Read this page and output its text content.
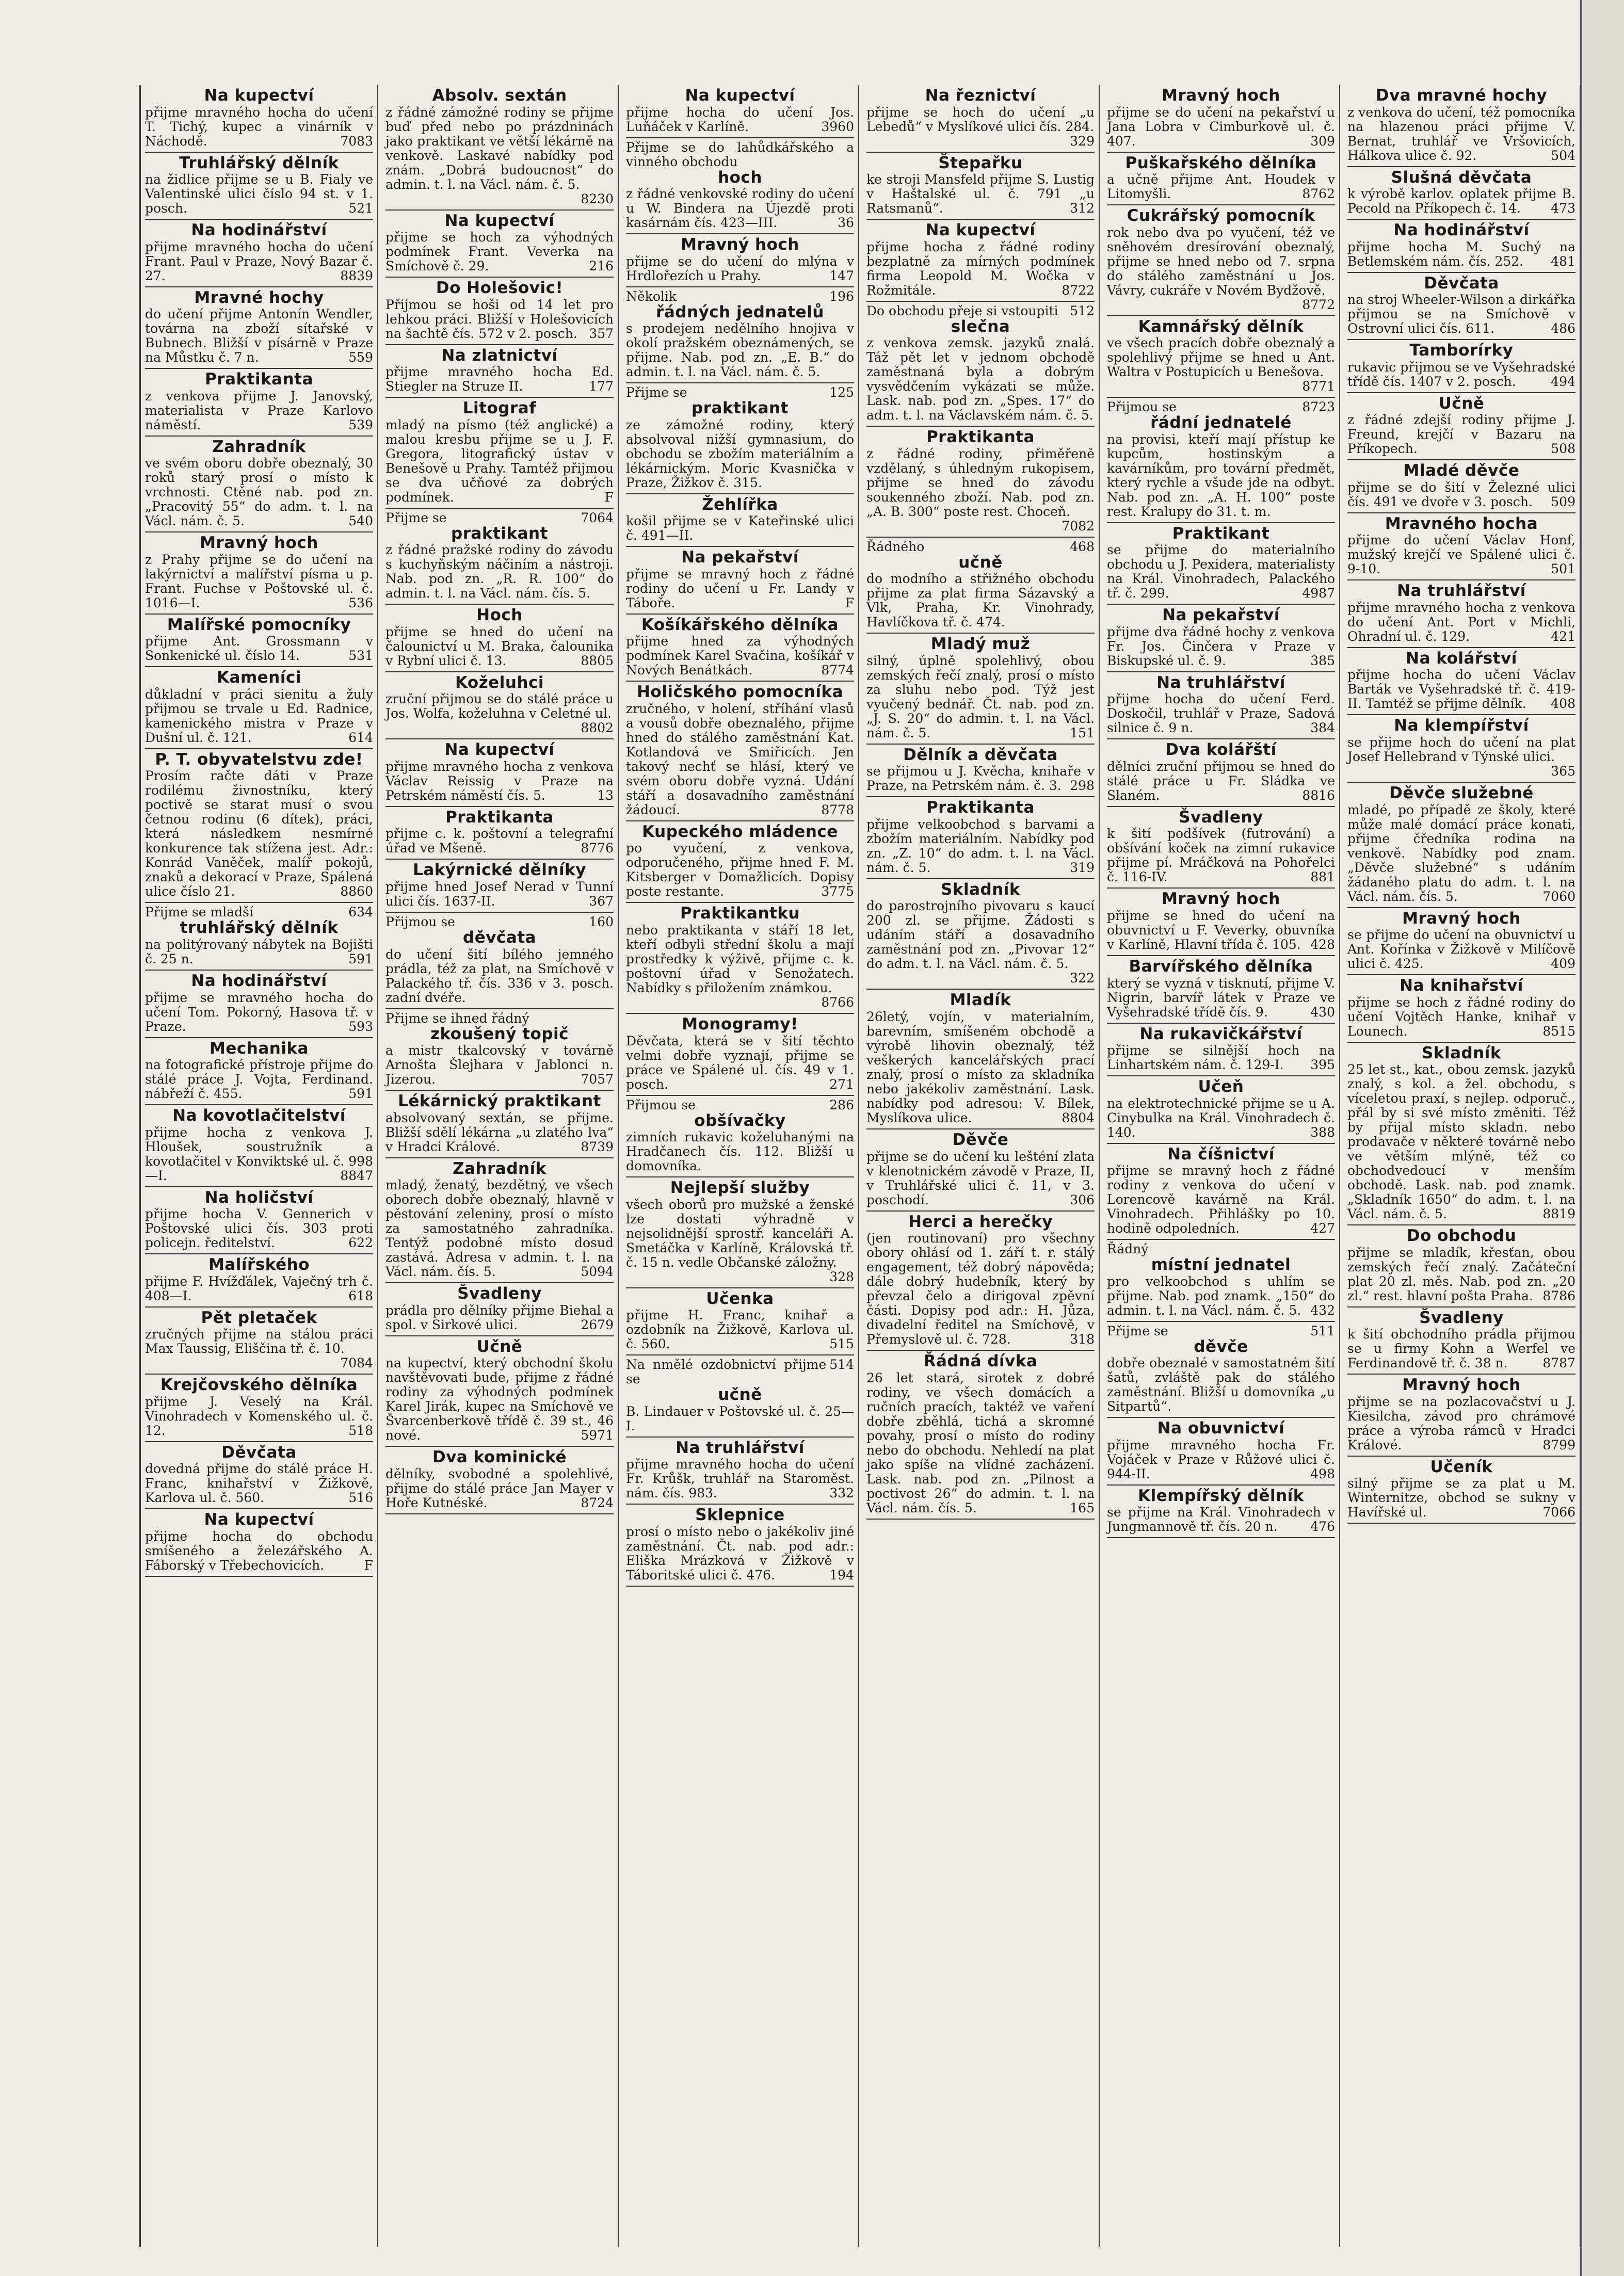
Na kupectví
přijme mravného hocha do učení T. Tichý, kupec a vinárník v Náchodě.	7083
Truhlářský dělník
na židlice přijme se u B. Fialy ve Valentinské ulici číslo 94 st. v 1. posch.	521
Na hodinářství
přijme mravného hocha do učení Frant. Paul v Praze, Nový Bazar č. 27.	8839
Mravné hochy
do učení přijme Antonín Wendler, továrna na zboží sítařské v Bubnech. Bližší v písárně v Praze na Můstku č. 7 n.	559
Praktikanta
z venkova přijme J. Janovský, materialista v Praze Karlovo náměstí.	539
Zahradník
ve svém oboru dobře obeznalý, 30 roků starý prosí o místo k vrchnosti. Ctěné nab. pod zn. „Pracovitý 55“ do adm. t. l. na Václ. nám. č. 5.	540
Mravný hoch
z Prahy přijme se do učení na lakýrnictví a malířství písma u p. Frant. Fuchse v Poštovské ul. č. 1016—I.	536
Malířské pomocníky
přijme Ant. Grossmann v Sonkenické ul. číslo 14.	531
Kameníci
důkladní v práci sienitu a žuly přijmou se trvale u Ed. Radnice, kamenického mistra v Praze v Dušní ul. č. 121.	614
P. T. obyvatelstvu zde!
Prosím račte dáti v Praze rodilému živnostníku, který poctivě se starat musí o svou četnou rodinu (6 dítek), práci, která následkem nesmírné konkurence tak stížena jest. Adr.: Konrád Vaněček, malíř pokojů, znaků a dekorací v Praze, Spálená ulice číslo 21.	8860
634
Přijme se mladší
truhlářský dělník
na politýrovaný nábytek na Bojišti č. 25 n.	591
Na hodinářství
přijme se mravného hocha do učení Tom. Pokorný, Hasova tř. v Praze.	593
Mechanika
na fotografické přístroje přijme do stálé práce J. Vojta, Ferdinand. nábřeží č. 455.	591
Na kovotlačitelství
přijme hocha z venkova J. Hloušek, soustružník a kovotlačitel v Konviktské ul. č. 998—I.	8847
Na holičství
přijme hocha V. Gennerich v Poštovské ulici čís. 303 proti policejn. ředitelství.	622
Malířského
přijme F. Hvížďálek, Vaječný trh č. 408—I.	618
Pět pletaček
zručných přijme na stálou práci Max Taussig, Eliščina tř. č. 10.
7084
Krejčovského dělníka
přijme J. Veselý na Král. Vinohradech v Komenského ul. č. 12.	518
Děvčata
dovedná přijme do stálé práce H. Franc, knihařství v Žižkově, Karlova ul. č. 560.	516
Na kupectví
přijme hocha do obchodu smíšeného a železářského A. Fáborský v Třebechovicích.	F
Absolv. sextán
z řádné zámožné rodiny se přijme buď před nebo po prázdninách jako praktikant ve větší lékárně na venkově. Laskavé nabídky pod znám. „Dobrá budoucnost“ do admin. t. l. na Václ. nám. č. 5.
8230
Na kupectví
přijme se hoch za výhodných podmínek Frant. Veverka na Smíchově č. 29.	216
Do Holešovic!
Přijmou se hoši od 14 let pro lehkou práci. Bližší v Holešovicích na šachtě čís. 572 v 2. posch. 357
Na zlatnictví
přijme mravného hocha Ed. Stiegler na Struze II.	177
Litograf
mladý na písmo (též anglické) a malou kresbu přijme se u J. F. Gregora, litografický ústav v Benešově u Prahy. Tamtéž přijmou se dva učňové za dobrých podmínek.	F
7064
Přijme se
praktikant
z řádné pražské rodiny do závodu s kuchyňským náčiním a nástroji. Nab. pod zn. „R. R. 100“ do admin. t. l. na Václ. nám. čís. 5.
Hoch
přijme se hned do učení na čalounictví u M. Braka, čalounika v Rybní ulici č. 13.	8805
Koželuhci
zruční přijmou se do stálé práce u Jos. Wolfa, koželuhna v Celetné ul.
8802
Na kupectví
přijme mravného hocha z venkova Václav Reissig v Praze na Petrském náměstí čís. 5.	13
Praktikanta
přijme c. k. poštovní a telegrafní úřad ve Mšeně.	8776
Lakýrnické dělníky
přijme hned Josef Nerad v Tunní ulici čís. 1637-II.	367
160
Přijmou se
děvčata
do učení šití bílého jemného prádla, též za plat, na Smíchově v Palackého tř. čís. 336 v 3. posch. zadní dvéře.
Přijme se ihned řádný
zkoušený topič
a mistr tkalcovský v továrně Arnošta Šlejhara v Jablonci n. Jizerou.	7057
Lékárnický praktikant
absolvovaný sextán, se přijme. Bližší sdělí lékárna „u zlatého lva“ v Hradci Králové.	8739
Zahradník
mladý, ženatý, bezdětný, ve všech oborech dobře obeznalý, hlavně v pěstování zeleniny, prosí o místo za samostatného zahradníka. Tentýž podobné místo dosud zastává. Adresa v admin. t. l. na Václ. nám. čís. 5.	5094
Švadleny
prádla pro dělníky přijme Biehal a spol. v Sirkové ulici.	2679
Učně
na kupectví, který obchodní školu navštěvovati bude, přijme z řádné rodiny za výhodných podmínek Karel Jirák, kupec na Smíchově ve Švarcenberkově třídě č. 39 st., 46 nové.	5971
Dva kominické
dělníky, svobodné a spolehlivé, přijme do stálé práce Jan Mayer v Hoře Kutnéské.	8724
Na kupectví
přijme hocha do učení Jos. Luňáček v Karlíně.	3960
Přijme se do lahůdkářského a vinného obchodu
hoch
z řádné venkovské rodiny do učení u W. Bindera na Újezdě proti kasárnám čís. 423—III.	36
Mravný hoch
přijme se do učení do mlýna v Hrdlořezích u Prahy.	147
196
Několik
řádných jednatelů
s prodejem nedělního hnojiva v okolí pražském obeznámených, se přijme. Nab. pod zn. „E. B.“ do admin. t. l. na Václ. nám. č. 5.
125
Přijme se
praktikant
ze zámožné rodiny, který absolvoval nižší gymnasium, do obchodu se zbožím materiálním a lékárnickým. Moric Kvasnička v Praze, Žižkov č. 315.
Žehlířka
košil přijme se v Kateřinské ulici č. 491—II.
Na pekařství
přijme se mravný hoch z řádné rodiny do učení u Fr. Landy v Táboře.	F
Košíkářského dělníka
přijme hned za výhodných podmínek Karel Svačina, košíkář v Nových Benátkách.	8774
Holičského pomocníka
zručného, v holení, stříhání vlasů a vousů dobře obeznalého, přijme hned do stálého zaměstnání Kat. Kotlandová ve Smiřicích. Jen takový nechť se hlásí, který ve svém oboru dobře vyzná. Udání stáří a dosavadního zaměstnání žádoucí.	8778
Kupeckého mládence
po vyučení, z venkova, odporučeného, přijme hned F. M. Kitsberger v Domažlicích. Dopisy poste restante.	3775
Praktikantku
nebo praktikanta v stáří 18 let, kteří odbyli střední školu a mají prostředky k výživě, přijme c. k. poštovní úřad v Senožatech. Nabídky s přiložením známkou.
8766
Monogramy!
Děvčata, která se v šití těchto velmi dobře vyznají, přijme se práce ve Spálené ul. čís. 49 v 1. posch.	271
286
Přijmou se
obšívačky
zimních rukavic koželuhanými na Hradčanech čís. 112. Bližší u domovníka.
Nejlepší služby
všech oborů pro mužské a ženské lze dostati výhradně v nejsolidnější sprostř. kanceláři A. Smetáčka v Karlíně, Královská tř. č. 15 n. vedle Občanské záložny.
328
Učenka
přijme H. Franc, knihař a ozdobník na Žižkově, Karlova ul. č. 560.	515
514
Na nmělé ozdobnictví přijme se
učně
B. Lindauer v Poštovské ul. č. 25—I.
Na truhlářství
přijme mravného hocha do učení Fr. Krůšk, truhlář na Staroměst. nám. čís. 983.	332
Sklepnice
prosí o místo nebo o jakékoliv jiné zaměstnání. Čt. nab. pod adr.: Eliška Mrázková v Žižkově v Táboritské ulici č. 476.	194
Na řeznictví
přijme se hoch do učení „u Lebedů“ v Myslíkové ulici čís. 284.
329
Štepařku
ke stroji Mansfeld přijme S. Lustig v Haštalské ul. č. 791 „u Ratsmanů“.	312
Na kupectví
přijme hocha z řádné rodiny bezplatně za mírných podmínek firma Leopold M. Wočka v Rožmitále.	8722
512
Do obchodu přeje si vstoupiti
slečna
z venkova zemsk. jazyků znalá. Táž pět let v jednom obchodě zaměstnaná byla a dobrým vysvědčením vykázati se může. Lask. nab. pod zn. „Spes. 17“ do adm. t. l. na Václavském nám. č. 5.
Praktikanta
z řádné rodiny, přiměřeně vzdělaný, s úhledným rukopisem, přijme se hned do závodu soukenného zboží. Nab. pod zn. „A. B. 300“ poste rest. Choceň.
7082
468
Řádného
učně
do modního a střižného obchodu přijme za plat firma Sázavský a Vlk, Praha, Kr. Vinohrady, Havlíčkova tř. č. 474.
Mladý muž
silný, úplně spolehlivý, obou zemských řečí znalý, prosí o místo za sluhu nebo pod. Týž jest vyučený bednář. Čt. nab. pod zn. „J. S. 20“ do admin. t. l. na Václ. nám. č. 5.	151
Dělník a děvčata
se přijmou u J. Kvěcha, knihaře v Praze, na Petrském nám. č. 3. 298
Praktikanta
přijme velkoobchod s barvami a zbožím materiálním. Nabídky pod zn. „Z. 10“ do adm. t. l. na Václ. nám. č. 5.	319
Skladník
do parostrojního pivovaru s kaucí 200 zl. se přijme. Žádosti s udáním stáří a dosavadního zaměstnání pod zn. „Pivovar 12“ do adm. t. l. na Václ. nám. č. 5.
322
Mladík
26letý, vojín, v materialním, barevním, smíšeném obchodě a výrobě lihovin obeznalý, též veškerých kancelářských prací znalý, prosí o místo za skladníka nebo jakékoliv zaměstnání. Lask. nabídky pod adresou: V. Bílek, Myslíkova ulice.	8804
Děvče
přijme se do učení ku lešténí zlata v klenotnickém závodě v Praze, II, v Truhlářské ulici č. 11, v 3. poschodí.	306
Herci a herečky
(jen routinovaní) pro všechny obory ohlásí od 1. září t. r. stálý engagement, též dobrý nápověda; dále dobrý hudebník, který by převzal čelo a dirigoval zpěvní části. Dopisy pod adr.: H. Jůza, divadelní ředitel na Smíchově, v Přemyslově ul. č. 728.	318
Řádná dívka
26 let stará, sirotek z dobré rodiny, ve všech domácích a ručních pracích, taktéž ve vaření dobře zběhlá, tichá a skromné povahy, prosí o místo do rodiny nebo do obchodu. Nehledí na plat jako spíše na vlídné zacházení. Lask. nab. pod zn. „Pilnost a poctivost 26“ do admin. t. l. na Václ. nám. čís. 5.	165
Mravný hoch
přijme se do učení na pekařství u Jana Lobra v Cimburkově ul. č. 407.	309
Puškařského dělníka
a učně přijme Ant. Houdek v Litomyšli.	8762
Cukrářský pomocník
rok nebo dva po vyučení, též ve sněhovém dresírování obeznalý, přijme se hned nebo od 7. srpna do stálého zaměstnání u Jos. Vávry, cukráře v Novém Bydžově.
8772
Kamnářský dělník
ve všech pracích dobře obeznalý a spolehlivý přijme se hned u Ant. Waltra v Postupicích u Benešova.
8771
8723
Přijmou se
řádní jednatelé
na provisi, kteří mají přístup ke kupcům, hostinským a kavárníkům, pro tovární předmět, který rychle a všude jde na odbyt. Nab. pod zn. „A. H. 100“ poste rest. Kralupy do 31. t. m.
Praktikant
se přijme do materialního obchodu u J. Pexidera, materialisty na Král. Vinohradech, Palackého tř. č. 299.	4987
Na pekařství
přijme dva řádné hochy z venkova Fr. Jos. Činčera v Praze v Biskupské ul. č. 9.	385
Na truhlářství
přijme hocha do učení Ferd. Doskočil, truhlář v Praze, Sadová silnice č. 9 n.	384
Dva kolářští
dělníci zruční přijmou se hned do stálé práce u Fr. Sládka ve Slaném.	8816
Švadleny
k šití podšívek (futrování) a obšívání koček na zimní rukavice přijme pí. Mráčková na Pohořelci č. 116-IV.	881
Mravný hoch
přijme se hned do učení na obuvnictví u F. Veverky, obuvníka v Karlíně, Hlavní třída č. 105. 428
Barvířského dělníka
který se vyzná v tisknutí, přijme V. Nigrin, barvíř látek v Praze ve Vyšehradské třídě čís. 9.	430
Na rukavičkářství
přijme se silnější hoch na Linhartském nám. č. 129-I. 395
Učeň
na elektrotechnické přijme se u A. Cinybulka na Král. Vinohradech č. 140.	388
Na číšnictví
přijme se mravný hoch z řádné rodiny z venkova do učení v Lorencově kavárně na Král. Vinohradech. Přihlášky po 10. hodině odpoledních.	427
Řádný
místní jednatel
pro velkoobchod s uhlím se přijme. Nab. pod znamk. „150“ do admin. t. l. na Václ. nám. č. 5. 432
511
Přijme se
děvče
dobře obeznalé v samostatném šití šatů, zvláště pak do stálého zaměstnání. Bližší u domovníka „u Sitpartů“.
Na obuvnictví
přijme mravného hocha Fr. Vojáček v Praze v Růžové ulici č. 944-II.	498
Klempířský dělník
se přijme na Král. Vinohradech v Jungmannově tř. čís. 20 n.	476
Dva mravné hochy
z venkova do učení, též pomocníka na hlazenou práci přijme V. Bernat, truhlář ve Vršovicích, Hálkova ulice č. 92.	504
Slušná děvčata
k výrobě karlov. oplatek přijme B. Pecold na Příkopech č. 14. 473
Na hodinářství
přijme hocha M. Suchý na Betlemském nám. čís. 252. 481
Děvčata
na stroj Wheeler-Wilson a dirkářka přijmou se na Smíchově v Ostrovní ulici čís. 611.	486
Tamborírky
rukavic přijmou se ve Vyšehradské třídě čís. 1407 v 2. posch.	494
Učně
z řádné zdejší rodiny přijme J. Freund, krejčí v Bazaru na Příkopech.	508
Mladé děvče
přijme se do šití v Železné ulici čís. 491 ve dvoře v 3. posch. 509
Mravného hocha
přijme do učení Václav Honf, mužský krejčí ve Spálené ulici č. 9-10.	501
Na truhlářství
přijme mravného hocha z venkova do učení Ant. Port v Michli, Ohradní ul. č. 129.	421
Na kolářství
přijme hocha do učení Václav Barták ve Vyšehradské tř. č. 419-II. Tamtéž se přijme dělník. 408
Na klempířství
se přijme hoch do učení na plat Josef Hellebrand v Týnské ulici.
365
Děvče služebné
mladé, po případě ze školy, které může malé domácí práce konati, přijme čředníka rodina na venkově. Nabídky pod znam. „Děvče služebné“ s udáním žádaného platu do adm. t. l. na Václ. nám. čís. 5.	7060
Mravný hoch
se přijme do učení na obuvnictví u Ant. Kořínka v Žižkově v Milíčově ulici č. 425.	409
Na knihařství
přijme se hoch z řádné rodiny do učení Vojtěch Hanke, knihař v Lounech.	8515
Skladník
25 let st., kat., obou zemsk. jazyků znalý, s kol. a žel. obchodu, s víceletou praxí, s nejlep. odporuč., přál by si své místo změniti. Též by přijal místo skladn. nebo prodavače v některé továrně nebo ve větším mlýně, též co obchodvedoucí v menším obchodě. Lask. nab. pod znamk. „Skladník 1650“ do adm. t. l. na Václ. nám. č. 5.	8819
Do obchodu
přijme se mladík, křesťan, obou zemských řečí znalý. Začáteční plat 20 zl. měs. Nab. pod zn. „20 zl.“ rest. hlavní pošta Praha. 8786
Švadleny
k šití obchodního prádla přijmou se u firmy Kohn a Werfel ve Ferdinandově tř. č. 38 n.	8787
Mravný hoch
přijme se na pozlacovačství u J. Kiesilcha, závod pro chrámové práce a výroba rámců v Hradci Králové.	8799
Učeník
silný přijme se za plat u M. Winternitze, obchod se sukny v Havířské ul.	7066
